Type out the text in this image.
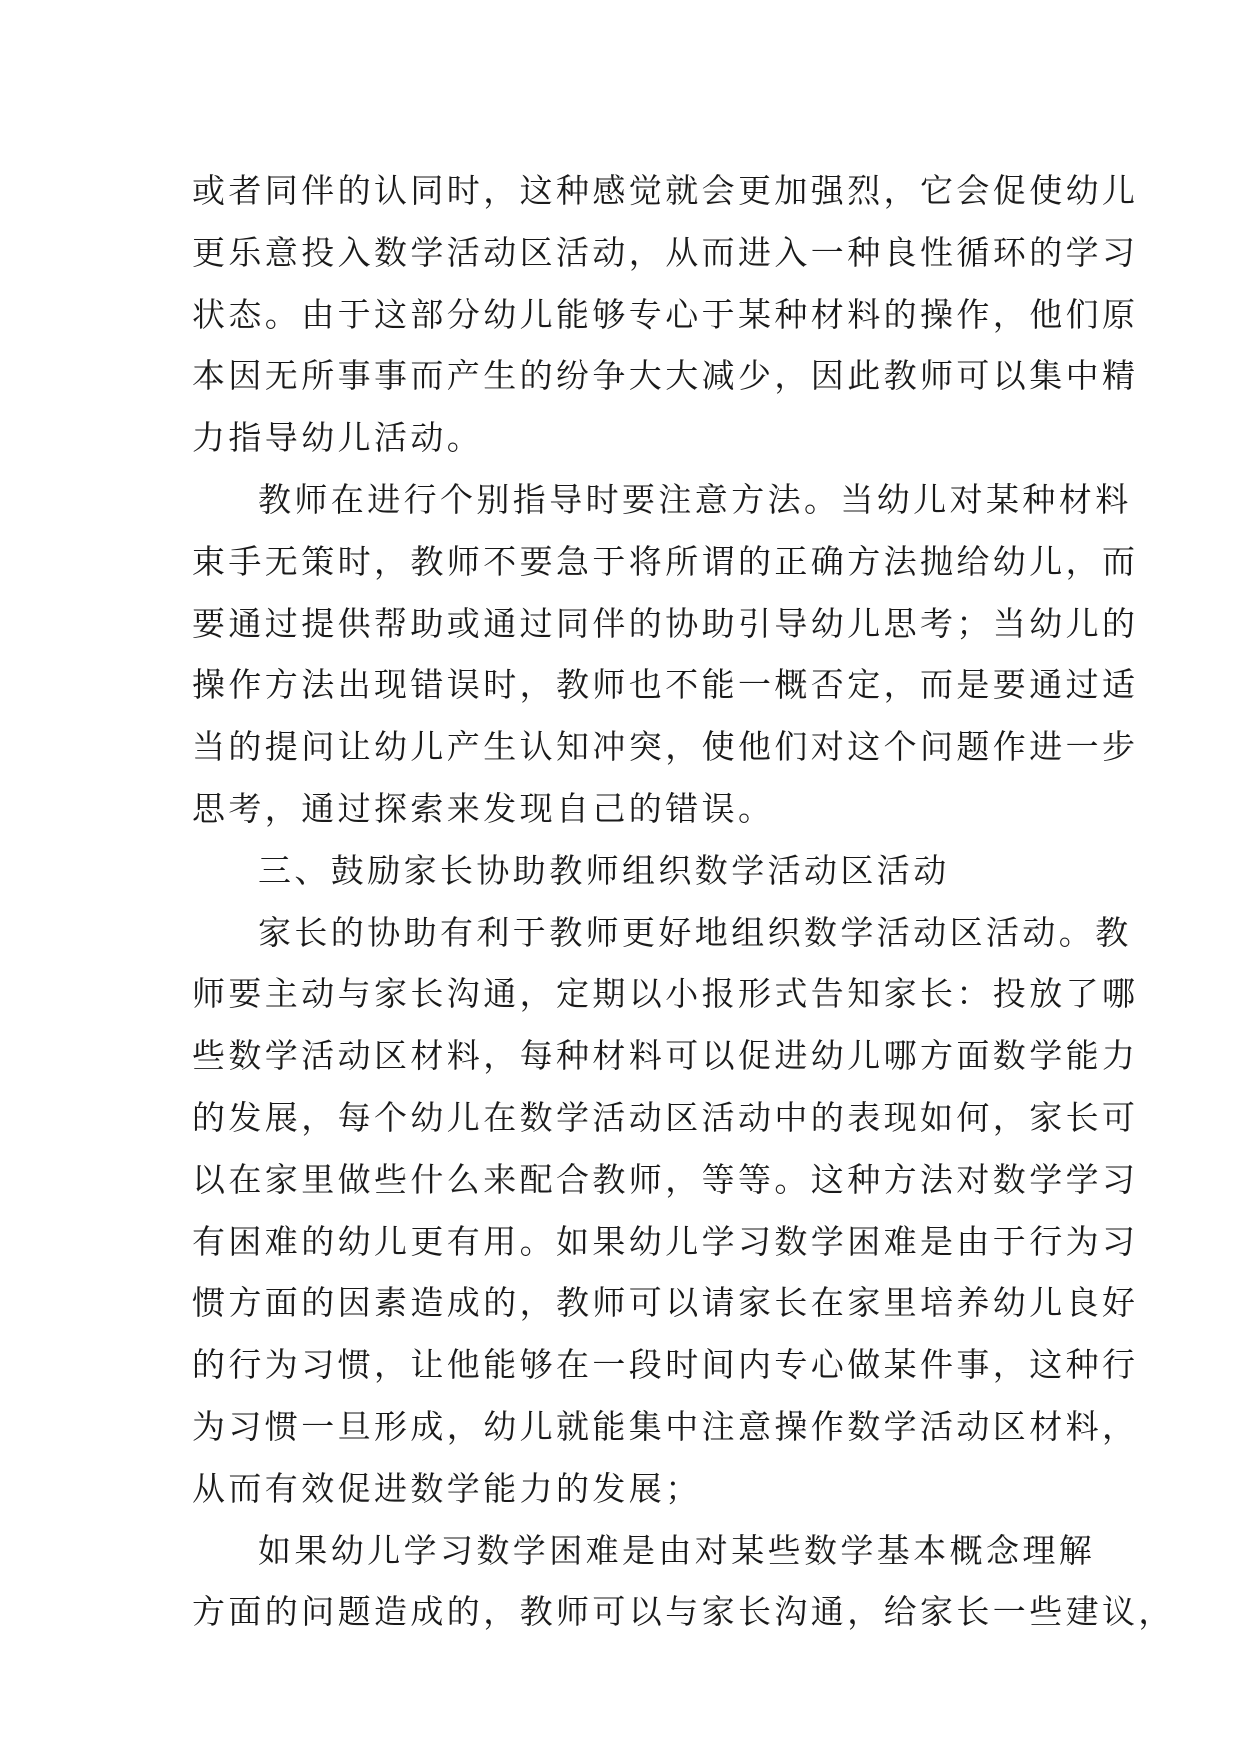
或者同伴的认同时，这种感觉就会更加强烈，它会促使幼儿
更乐意投入数学活动区活动，从而进入一种良性循环的学习
状态。由于这部分幼儿能够专心于某种材料的操作，他们原
本因无所事事而产生的纷争大大减少，因此教师可以集中精
力指导幼儿活动。
教师在进行个别指导时要注意方法。当幼儿对某种材料
束手无策时，教师不要急于将所谓的正确方法抛给幼儿，而
要通过提供帮助或通过同伴的协助引导幼儿思考；当幼儿的
操作方法出现错误时，教师也不能一概否定，而是要通过适
当的提问让幼儿产生认知冲突，使他们对这个问题作进一步
思考，通过探索来发现自己的错误。
三、鼓励家长协助教师组织数学活动区活动
家长的协助有利于教师更好地组织数学活动区活动。教
师要主动与家长沟通，定期以小报形式告知家长：投放了哪
些数学活动区材料，每种材料可以促进幼儿哪方面数学能力
的发展，每个幼儿在数学活动区活动中的表现如何，家长可
以在家里做些什么来配合教师，等等。这种方法对数学学习
有困难的幼儿更有用。如果幼儿学习数学困难是由于行为习
惯方面的因素造成的，教师可以请家长在家里培养幼儿良好
的行为习惯，让他能够在一段时间内专心做某件事，这种行
为习惯一旦形成，幼儿就能集中注意操作数学活动区材料，
从而有效促进数学能力的发展；
如果幼儿学习数学困难是由对某些数学基本概念理解
方面的问题造成的，教师可以与家长沟通，给家长一些建议，
